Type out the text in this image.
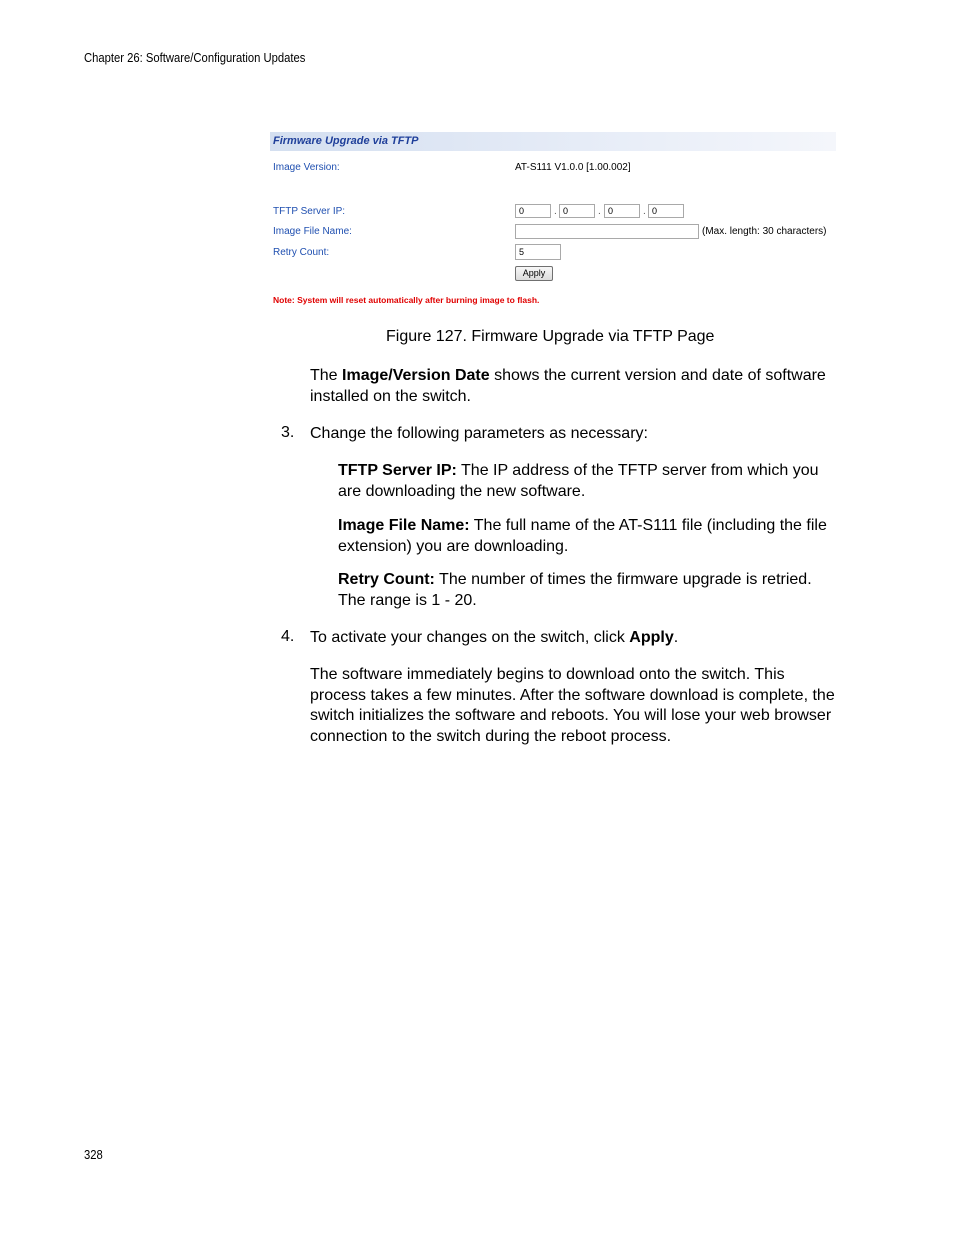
Chapter 26: Software/Configuration Updates
Firmware Upgrade via TFTP
Image Version:	AT-S111 V1.0.0 [1.00.002]
TFTP Server IP:	0	. 0	. 0	. 0
Image File Name:	(Max. length: 30 characters)
Retry Count:	5
Apply
Note: System will reset automatically after burning image to flash.
Figure 127. Firmware Upgrade via TFTP Page
The Image/Version Date shows the current version and date of software installed on the switch.
3. Change the following parameters as necessary:
TFTP Server IP: The IP address of the TFTP server from which you are downloading the new software.
Image File Name: The full name of the AT-S111 file (including the file extension) you are downloading.
Retry Count: The number of times the firmware upgrade is retried. The range is 1 - 20.
4. To activate your changes on the switch, click Apply.
The software immediately begins to download onto the switch. This process takes a few minutes. After the software download is complete, the switch initializes the software and reboots. You will lose your web browser connection to the switch during the reboot process.
328
